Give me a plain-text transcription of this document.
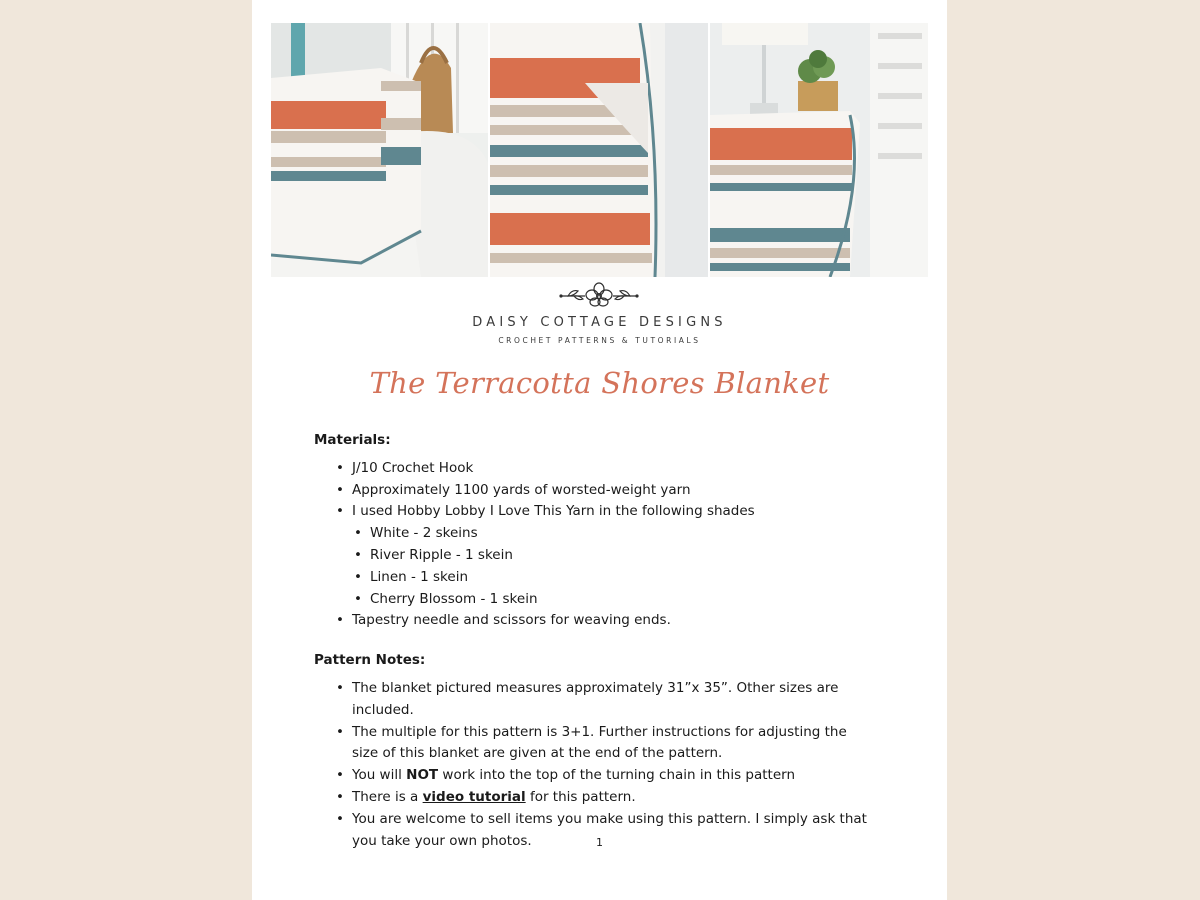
DAISY COTTAGE DESIGNS
CROCHET PATTERNS & TUTORIALS
The Terracotta Shores Blanket
Materials:
• J/10 Crochet Hook
• Approximately 1100 yards of worsted-weight yarn
• I used Hobby Lobby I Love This Yarn in the following shades
• White - 2 skeins
• River Ripple - 1 skein
• Linen - 1 skein
• Cherry Blossom - 1 skein
• Tapestry needle and scissors for weaving ends.
Pattern Notes:
• The blanket pictured measures approximately 31”x 35”. Other sizes are included.
• The multiple for this pattern is 3+1. Further instructions for adjusting the size of this blanket are given at the end of the pattern.
• You will NOT work into the top of the turning chain in this pattern
• There is a video tutorial for this pattern.
• You are welcome to sell items you make using this pattern. I simply ask that you take your own photos.	1
